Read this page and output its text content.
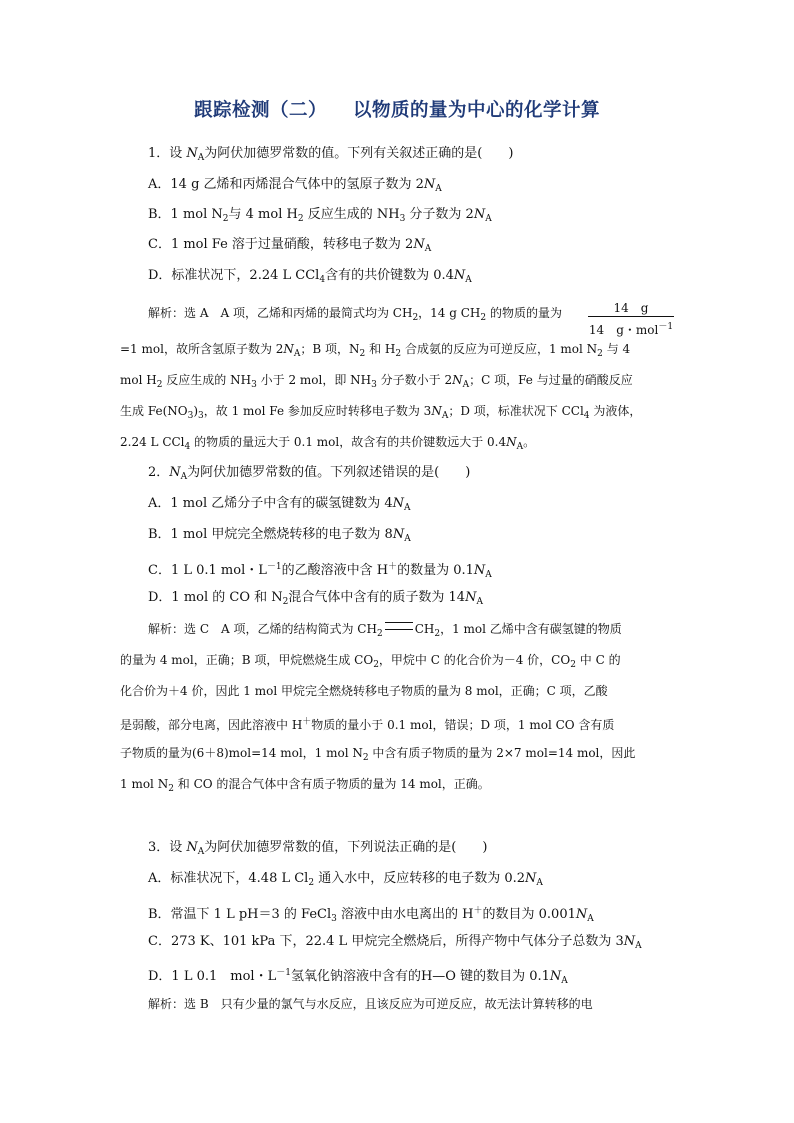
跟踪检测（二） 以物质的量为中心的化学计算
1．设 $N_A$为阿伏加德罗常数的值。下列有关叙述正确的是(　　)
A．14 g 乙烯和丙烯混合气体中的氢原子数为 $2N_A$
B．1 mol $N_2$与 4 mol $H_2$ 反应生成的 $NH_3$ 分子数为 $2N_A$
C．1 mol Fe 溶于过量硝酸，转移电子数为 $2N_A$
D．标准状况下，2.24 L CCl$_4$含有的共价键数为 $0.4N_A$
解析：选 A　A 项，乙烯和丙烯的最简式均为 $CH_2$，14 g $CH_2$ 的物质的量为	14　g
14　g・mol$^{-1}$
=1 mol，故所含氢原子数为 $2N_A$；B 项，$N_2$ 和 $H_2$ 合成氨的反应为可逆反应，1 mol $N_2$ 与 4
mol $H_2$ 反应生成的 $NH_3$ 小于 2 mol，即 $NH_3$ 分子数小于 $2N_A$；C 项，Fe 与过量的硝酸反应
生成 $Fe(NO_3)_3$，故 1 mol Fe 参加反应时转移电子数为 $3N_A$；D 项，标准状况下 CCl$_4$ 为液体，
2.24 L CCl$_4$ 的物质的量远大于 0.1 mol，故含有的共价键数远大于 $0.4N_A$。
2．$N_A$为阿伏加德罗常数的值。下列叙述错误的是(　　)
A．1 mol 乙烯分子中含有的碳氢键数为 $4N_A$
B．1 mol 甲烷完全燃烧转移的电子数为 $8N_A$
C．1 L 0.1 mol・$L^{-1}$的乙酸溶液中含 H＋的数量为 $0.1N_A$
D．1 mol 的 CO 和 $N_2$混合气体中含有的质子数为 $14N_A$
解析：选 C　A 项，乙烯的结构简式为 $CH_2$	$CH_2$，1 mol 乙烯中含有碳氢键的物质
的量为 4 mol，正确；B 项，甲烷燃烧生成 $CO_2$，甲烷中 C 的化合价为－4 价，$CO_2$ 中 C 的
化合价为＋4 价，因此 1 mol 甲烷完全燃烧转移电子物质的量为 8 mol，正确；C 项，乙酸
是弱酸，部分电离，因此溶液中 H＋物质的量小于 0.1 mol，错误；D 项，1 mol CO 含有质
子物质的量为(6＋8)mol=14 mol，1 mol $N_2$ 中含有质子物质的量为 2×7 mol=14 mol，因此
1 mol $N_2$ 和 CO 的混合气体中含有质子物质的量为 14 mol，正确。
3．设 $N_A$为阿伏加德罗常数的值，下列说法正确的是(　　)
A．标准状况下，4.48 L $Cl_2$ 通入水中，反应转移的电子数为 $0.2N_A$
B．常温下 1 L pH＝3 的 FeCl$_3$ 溶液中由水电离出的 H＋的数目为 $0.001N_A$
C．273 K、101 kPa 下，22.4 L 甲烷完全燃烧后，所得产物中气体分子总数为 $3N_A$
D．1 L 0.1　mol・$L^{-1}$氢氧化钠溶液中含有的H—O 键的数目为 $0.1N_A$
解析：选 B　只有少量的氯气与水反应，且该反应为可逆反应，故无法计算转移的电
